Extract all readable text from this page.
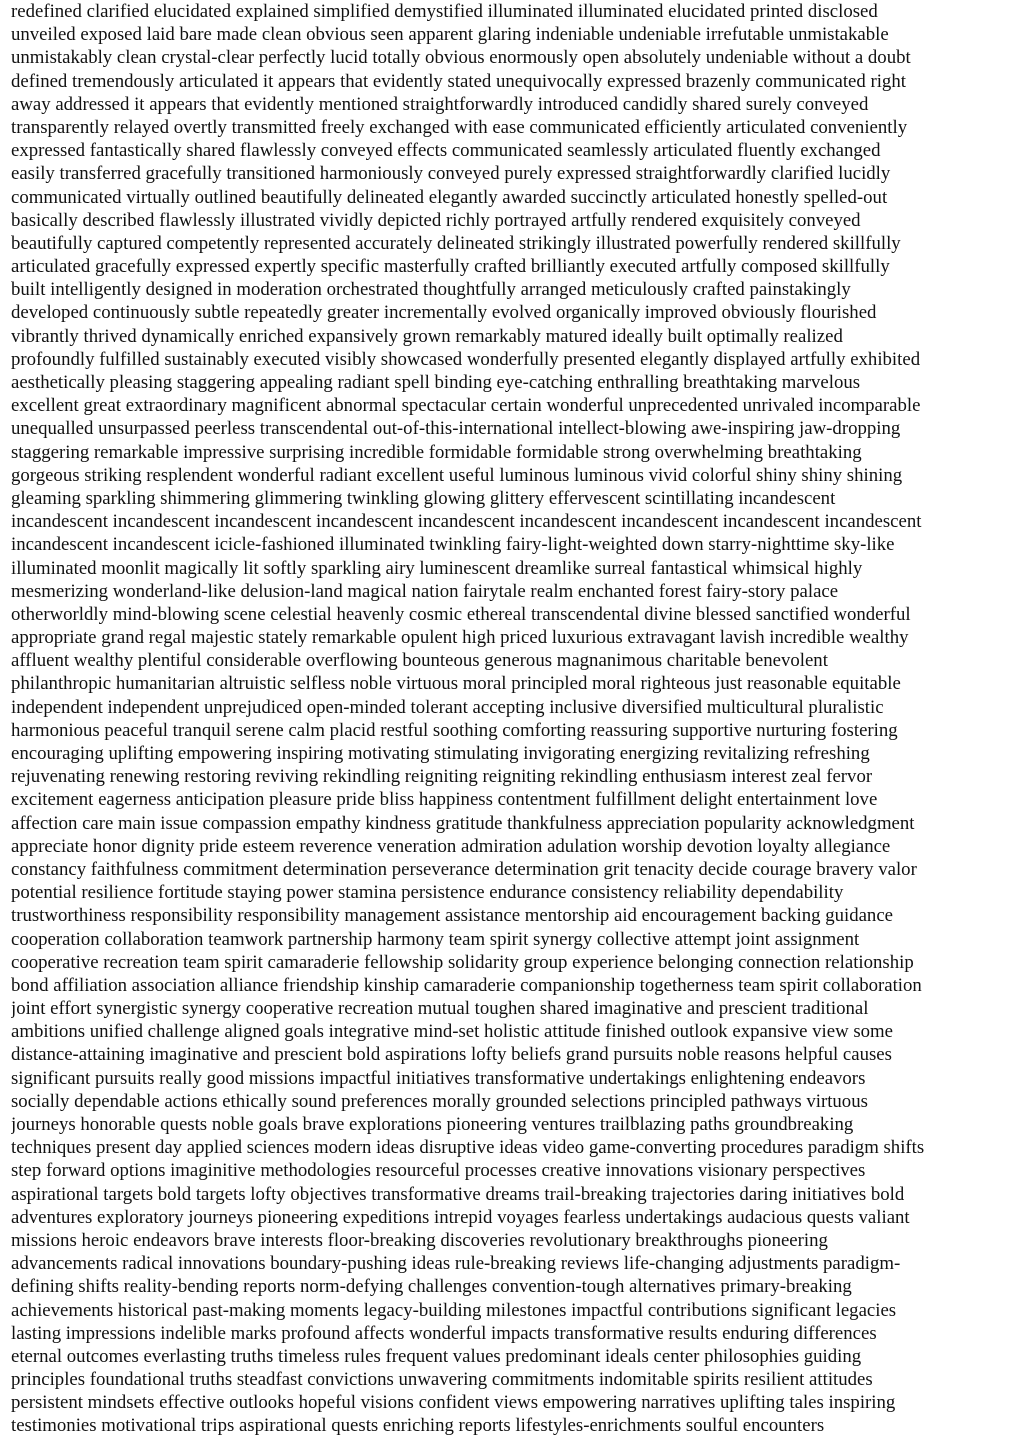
redefined clarified elucidated explained simplified demystified illuminated illuminated elucidated printed disclosed
unveiled exposed laid bare made clean obvious seen apparent glaring indeniable undeniable irrefutable unmistakable
unmistakably clean crystal-clear perfectly lucid totally obvious enormously open absolutely undeniable without a doubt
defined tremendously articulated it appears that evidently stated unequivocally expressed brazenly communicated right
away addressed it appears that evidently mentioned straightforwardly introduced candidly shared surely conveyed
transparently relayed overtly transmitted freely exchanged with ease communicated efficiently articulated conveniently
expressed fantastically shared flawlessly conveyed effects communicated seamlessly articulated fluently exchanged
easily transferred gracefully transitioned harmoniously conveyed purely expressed straightforwardly clarified lucidly
communicated virtually outlined beautifully delineated elegantly awarded succinctly articulated honestly spelled-out
basically described flawlessly illustrated vividly depicted richly portrayed artfully rendered exquisitely conveyed
beautifully captured competently represented accurately delineated strikingly illustrated powerfully rendered skillfully
articulated gracefully expressed expertly specific masterfully crafted brilliantly executed artfully composed skillfully
built intelligently designed in moderation orchestrated thoughtfully arranged meticulously crafted painstakingly
developed continuously subtle repeatedly greater incrementally evolved organically improved obviously flourished
vibrantly thrived dynamically enriched expansively grown remarkably matured ideally built optimally realized
profoundly fulfilled sustainably executed visibly showcased wonderfully presented elegantly displayed artfully exhibited
aesthetically pleasing staggering appealing radiant spell binding eye-catching enthralling breathtaking marvelous
excellent great extraordinary magnificent abnormal spectacular certain wonderful unprecedented unrivaled incomparable
unequalled unsurpassed peerless transcendental out-of-this-international intellect-blowing awe-inspiring jaw-dropping
staggering remarkable impressive surprising incredible formidable formidable strong overwhelming breathtaking
gorgeous striking resplendent wonderful radiant excellent useful luminous luminous vivid colorful shiny shiny shining
gleaming sparkling shimmering glimmering twinkling glowing glittery effervescent scintillating incandescent
incandescent incandescent incandescent incandescent incandescent incandescent incandescent incandescent incandescent
incandescent incandescent icicle-fashioned illuminated twinkling fairy-light-weighted down starry-nighttime sky-like
illuminated moonlit magically lit softly sparkling airy luminescent dreamlike surreal fantastical whimsical highly
mesmerizing wonderland-like delusion-land magical nation fairytale realm enchanted forest fairy-story palace
otherworldly mind-blowing scene celestial heavenly cosmic ethereal transcendental divine blessed sanctified wonderful
appropriate grand regal majestic stately remarkable opulent high priced luxurious extravagant lavish incredible wealthy
affluent wealthy plentiful considerable overflowing bounteous generous magnanimous charitable benevolent
philanthropic humanitarian altruistic selfless noble virtuous moral principled moral righteous just reasonable equitable
independent independent unprejudiced open-minded tolerant accepting inclusive diversified multicultural pluralistic
harmonious peaceful tranquil serene calm placid restful soothing comforting reassuring supportive nurturing fostering
encouraging uplifting empowering inspiring motivating stimulating invigorating energizing revitalizing refreshing
rejuvenating renewing restoring reviving rekindling reigniting reigniting rekindling enthusiasm interest zeal fervor
excitement eagerness anticipation pleasure pride bliss happiness contentment fulfillment delight entertainment love
affection care main issue compassion empathy kindness gratitude thankfulness appreciation popularity acknowledgment
appreciate honor dignity pride esteem reverence veneration admiration adulation worship devotion loyalty allegiance
constancy faithfulness commitment determination perseverance determination grit tenacity decide courage bravery valor
potential resilience fortitude staying power stamina persistence endurance consistency reliability dependability
trustworthiness responsibility responsibility management assistance mentorship aid encouragement backing guidance
cooperation collaboration teamwork partnership harmony team spirit synergy collective attempt joint assignment
cooperative recreation team spirit camaraderie fellowship solidarity group experience belonging connection relationship
bond affiliation association alliance friendship kinship camaraderie companionship togetherness team spirit collaboration
joint effort synergistic synergy cooperative recreation mutual toughen shared imaginative and prescient traditional
ambitions unified challenge aligned goals integrative mind-set holistic attitude finished outlook expansive view some
distance-attaining imaginative and prescient bold aspirations lofty beliefs grand pursuits noble reasons helpful causes
significant pursuits really good missions impactful initiatives transformative undertakings enlightening endeavors
socially dependable actions ethically sound preferences morally grounded selections principled pathways virtuous
journeys honorable quests noble goals brave explorations pioneering ventures trailblazing paths groundbreaking
techniques present day applied sciences modern ideas disruptive ideas video game-converting procedures paradigm shifts
step forward options imaginitive methodologies resourceful processes creative innovations visionary perspectives
aspirational targets bold targets lofty objectives transformative dreams trail-breaking trajectories daring initiatives bold
adventures exploratory journeys pioneering expeditions intrepid voyages fearless undertakings audacious quests valiant
missions heroic endeavors brave interests floor-breaking discoveries revolutionary breakthroughs pioneering
advancements radical innovations boundary-pushing ideas rule-breaking reviews life-changing adjustments paradigm-
defining shifts reality-bending reports norm-defying challenges convention-tough alternatives primary-breaking
achievements historical past-making moments legacy-building milestones impactful contributions significant legacies
lasting impressions indelible marks profound affects wonderful impacts transformative results enduring differences
eternal outcomes everlasting truths timeless rules frequent values predominant ideals center philosophies guiding
principles foundational truths steadfast convictions unwavering commitments indomitable spirits resilient attitudes
persistent mindsets effective outlooks hopeful visions confident views empowering narratives uplifting tales inspiring
testimonies motivational trips aspirational quests enriching reports lifestyles-enrichments soulful encounters
